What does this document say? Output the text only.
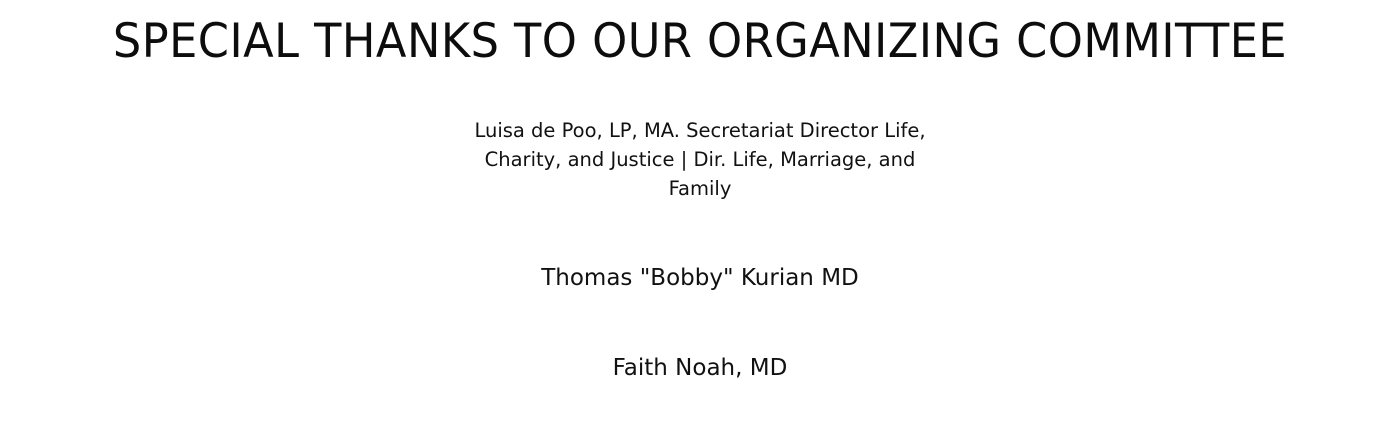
SPECIAL THANKS TO OUR ORGANIZING COMMITTEE

Luisa de Poo, LP, MA. Secretariat Director Life, Charity, and Justice | Dir. Life, Marriage, and Family

Thomas "Bobby" Kurian MD

Faith Noah, MD
